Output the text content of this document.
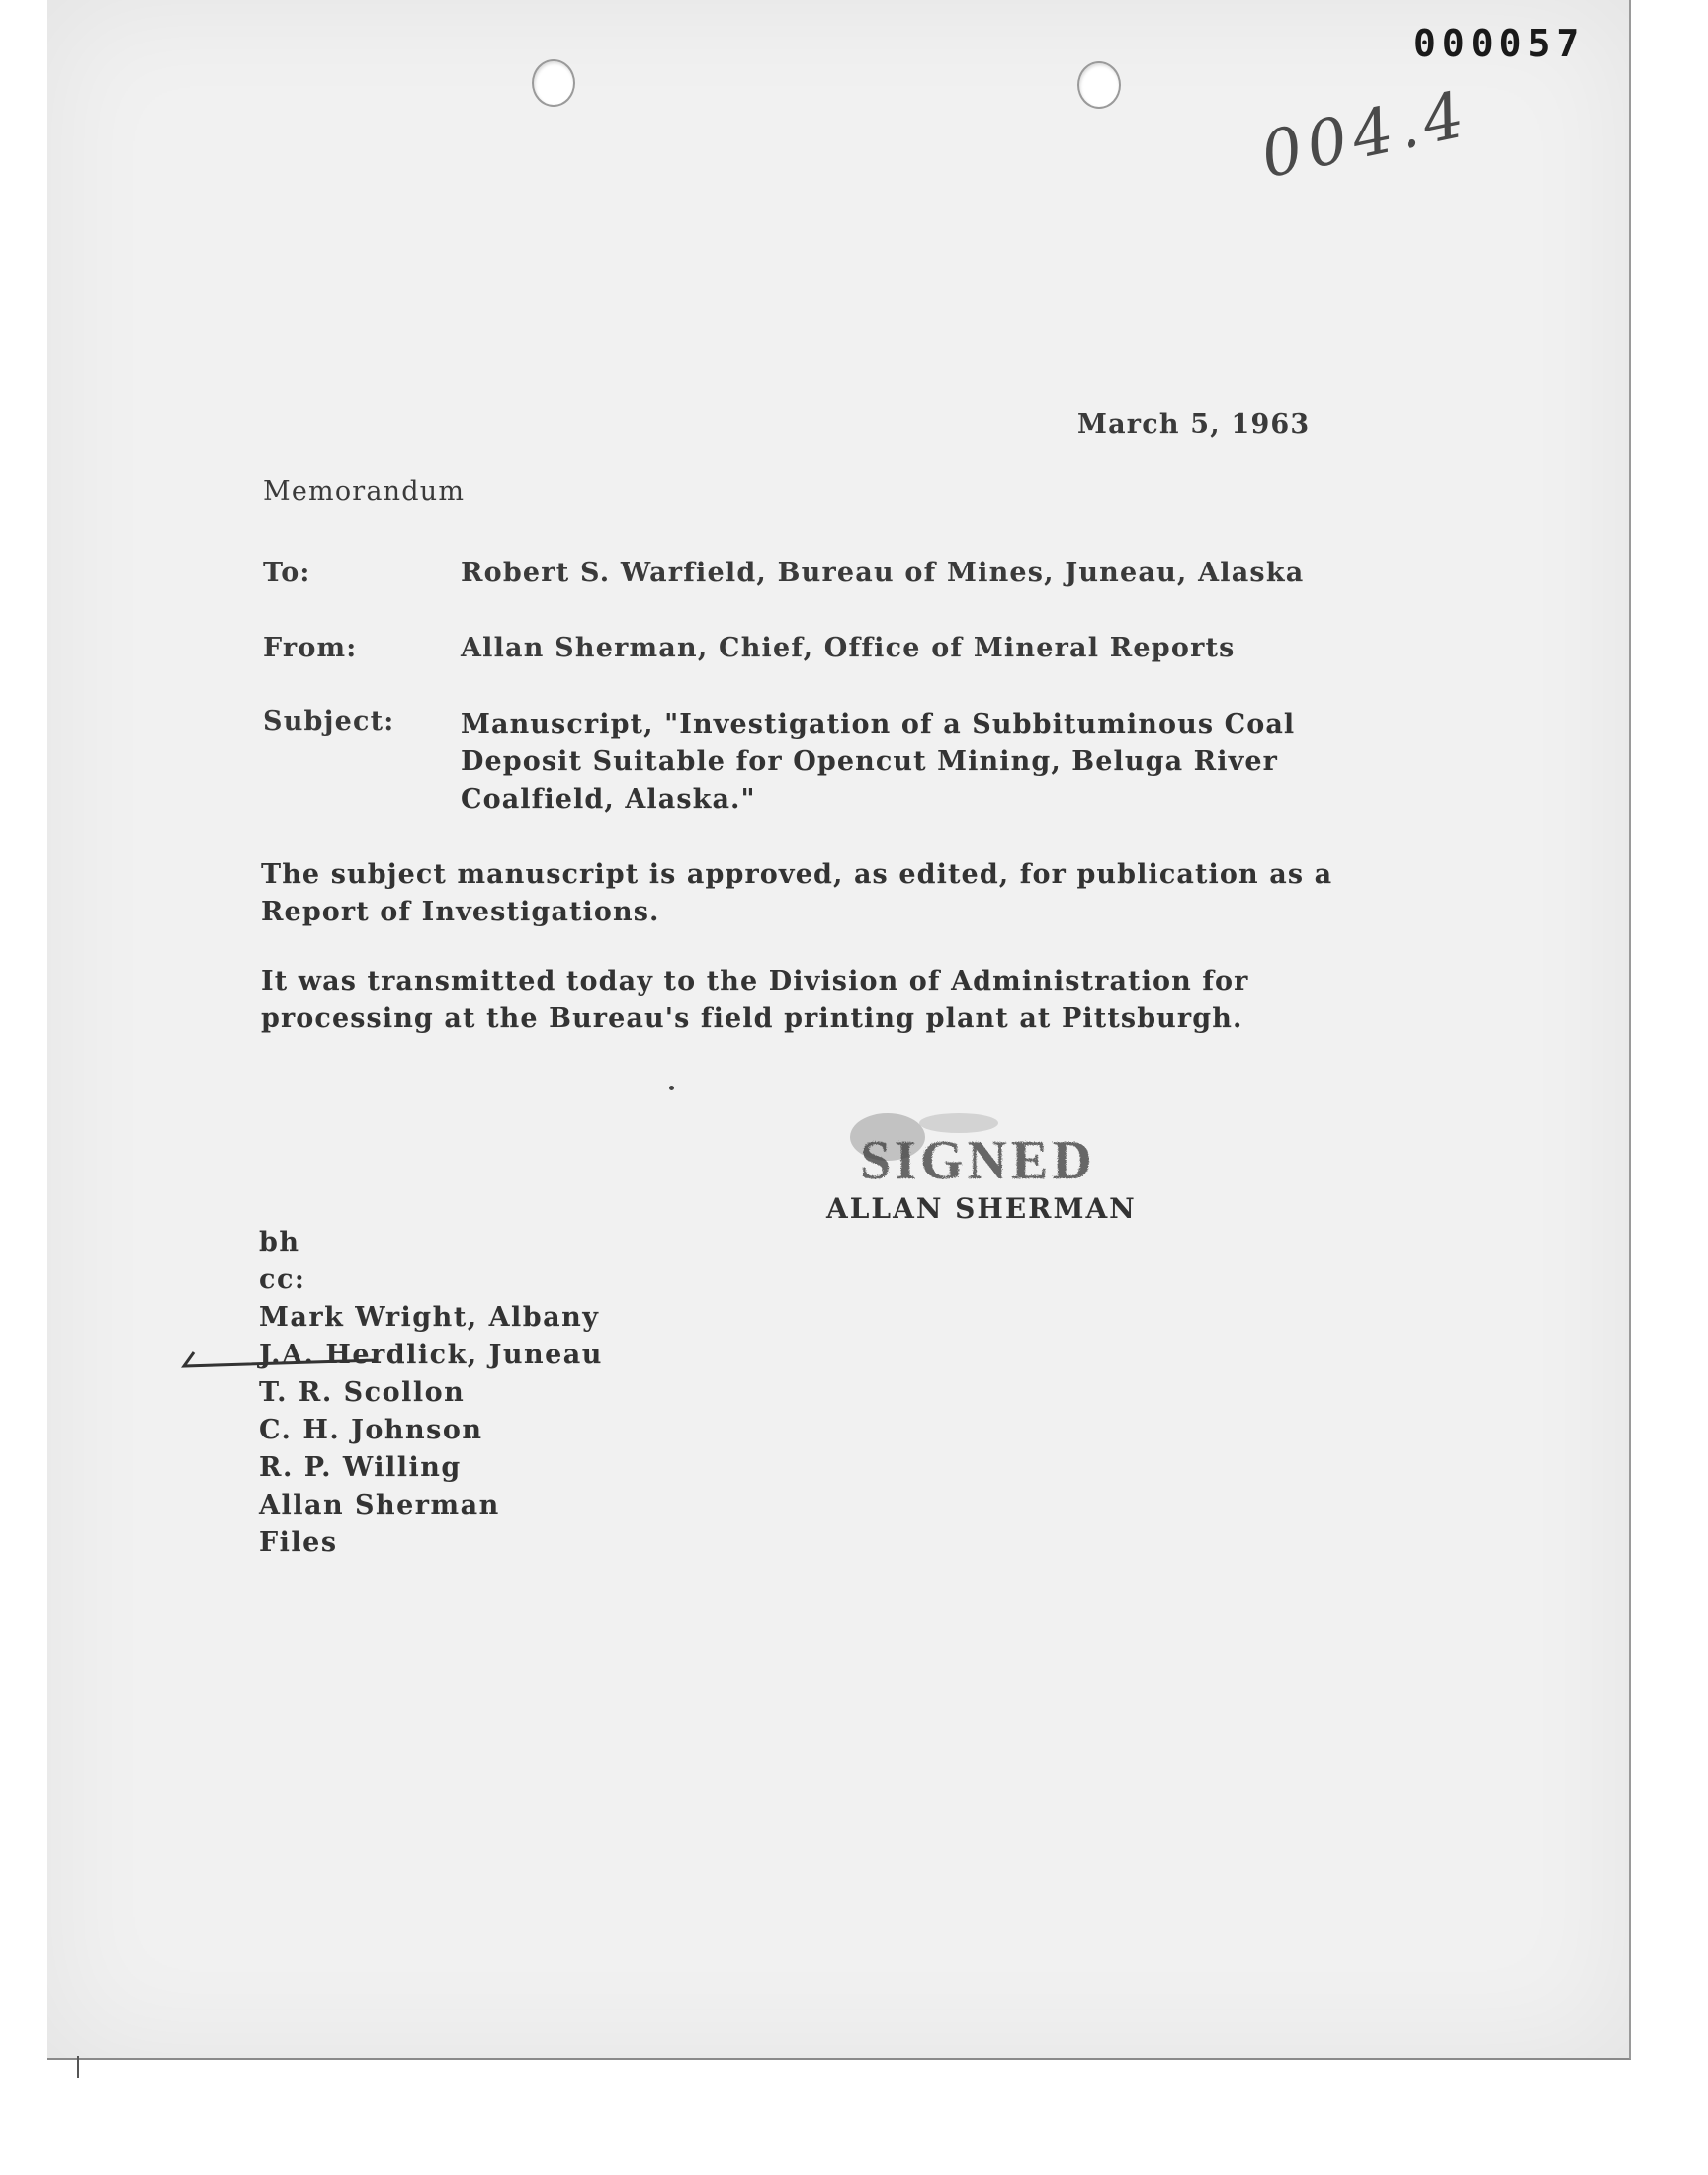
000057
004.4
March 5, 1963
Memorandum
To:	Robert S. Warfield, Bureau of Mines, Juneau, Alaska
From:	Allan Sherman, Chief, Office of Mineral Reports
Subject: Manuscript, "Investigation of a Subbituminous Coal
Deposit Suitable for Opencut Mining, Beluga River
Coalfield, Alaska."
The subject manuscript is approved, as edited, for publication as a Report of Investigations.
It was transmitted today to the Division of Administration for processing at the Bureau's field printing plant at Pittsburgh.
SIGNED
ALLAN SHERMAN
bh
cc:
Mark Wright, Albany
J.A. Herdlick, Juneau
T. R. Scollon
C. H. Johnson
R. P. Willing
Allan Sherman
Files
